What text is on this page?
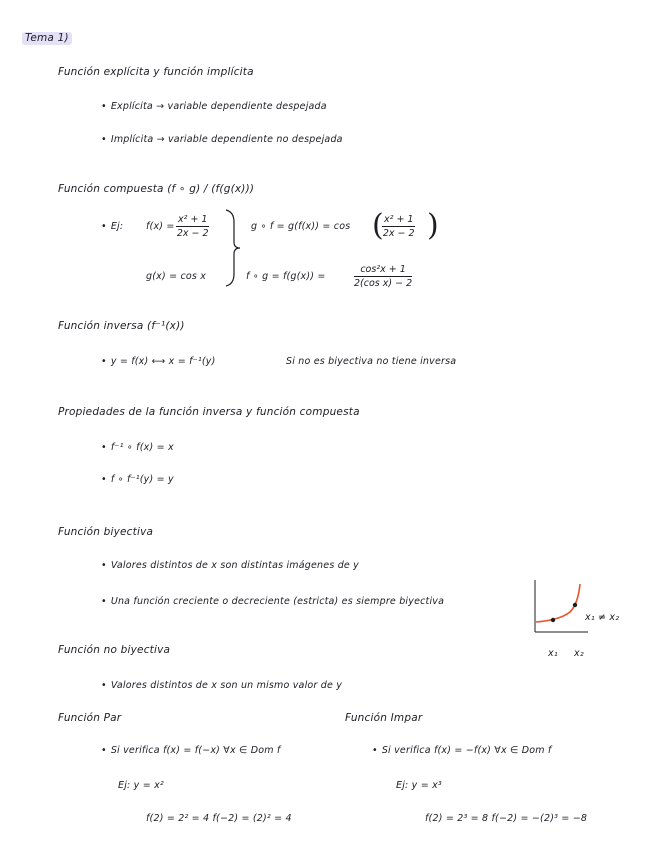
Tema 1)
Función explícita y función implícita
• Explícita → variable dependiente despejada
• Implícita → variable dependiente no despejada
Función compuesta (f ∘ g) / (f(g(x)))
• Ej: $f(x) = \frac{\text{x² + 1}}{2x - 2}$
g(x) = cos x
g ∘ f = g(f(x)) = cos (
$\frac{\text{x² + 1}}{2x - 2}$ )
f ∘ g = f(g(x)) =	$\frac{\text{cos²x + 1}}{\text{2(cos x) − 2}}$
Función inversa (f⁻¹(x))
• y = f(x) ⟷ x = f⁻¹(y)	Si no es biyectiva no tiene inversa
Propiedades de la función inversa y función compuesta
• f⁻¹ ∘ f(x) = x
• f ∘ f⁻¹(y) = y
Función biyectiva
• Valores distintos de x son distintas imágenes de y
• Una función creciente o decreciente (estricta) es siempre biyectiva
x₁ ≠ x₂
x₁ x₂
Función no biyectiva
• Valores distintos de x son un mismo valor de y
Función Par
• Si verifica f(x) = f(−x) ∀x ∈ Dom f
Ej: y = x²
f(2) = 2² = 4 f(−2) = (2)² = 4
Función Impar
• Si verifica f(x) = −f(x) ∀x ∈ Dom f
Ej: y = x³
f(2) = 2³ = 8 f(−2) = −(2)³ = −8
